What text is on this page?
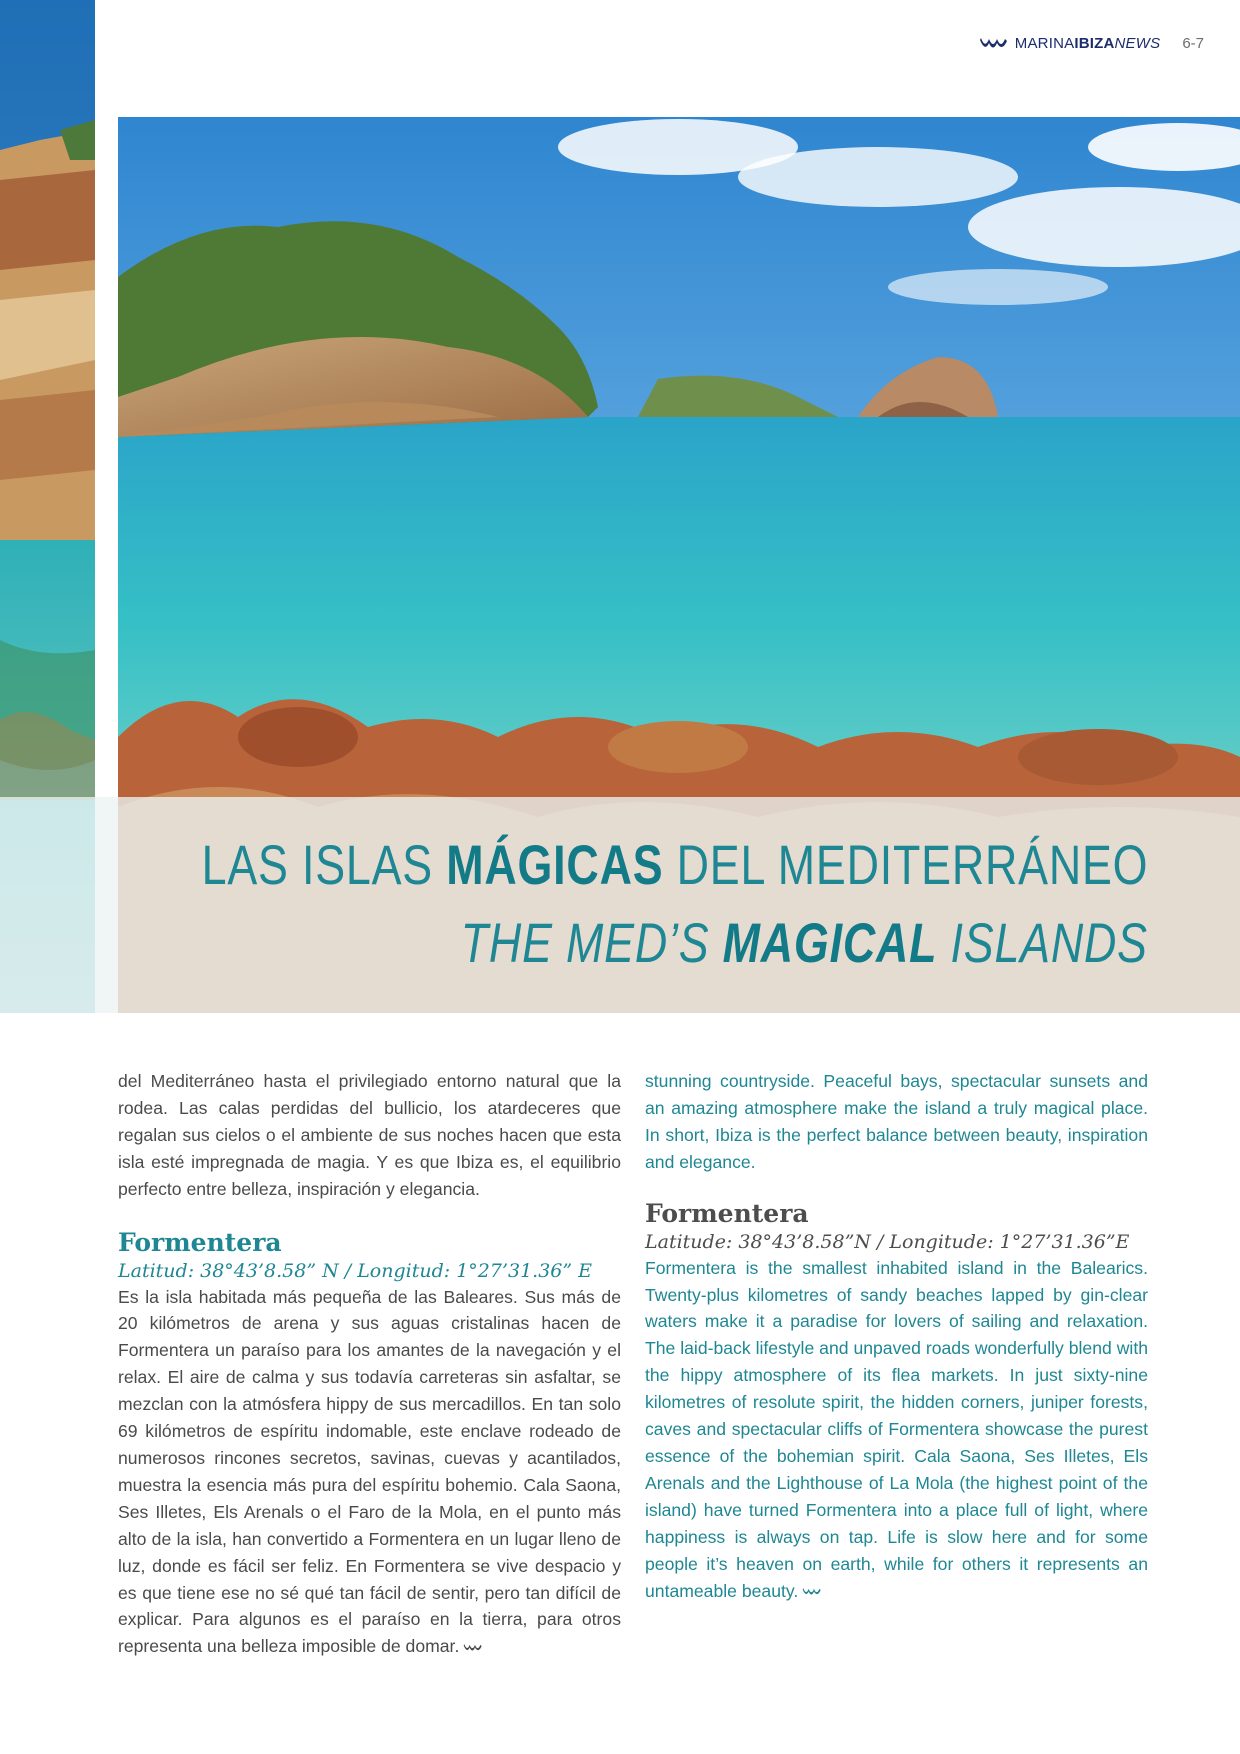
MARINAIBIZANEWS 6-7
LAS ISLAS MÁGICAS DEL MEDITERRÁNEO
THE MED’S MAGICAL ISLANDS

del Mediterráneo hasta el privilegiado entorno natural que la rodea. Las calas perdidas del bullicio, los atardeceres que regalan sus cielos o el ambiente de sus noches hacen que esta isla esté impregnada de magia. Y es que Ibiza es, el equilibrio perfecto entre belleza, inspiración y elegancia.

Formentera
Latitud: 38°43’8.58” N / Longitud: 1°27’31.36” E

Es la isla habitada más pequeña de las Baleares. Sus más de 20 kilómetros de arena y sus aguas cristalinas hacen de Formentera un paraíso para los amantes de la navegación y el relax. El aire de calma y sus todavía carreteras sin asfaltar, se mezclan con la atmósfera hippy de sus mercadillos. En tan solo 69 kilómetros de espíritu indomable, este enclave rodeado de numerosos rincones secretos, savinas, cuevas y acantilados, muestra la esencia más pura del espíritu bohemio. Cala Saona, Ses Illetes, Els Arenals o el Faro de la Mola, en el punto más alto de la isla, han convertido a Formentera en un lugar lleno de luz, donde es fácil ser feliz. En Formentera se vive despacio y es que tiene ese no sé qué tan fácil de sentir, pero tan difícil de explicar. Para algunos es el paraíso en la tierra, para otros representa una belleza imposible de domar.

stunning countryside. Peaceful bays, spectacular sunsets and an amazing atmosphere make the island a truly magical place. In short, Ibiza is the perfect balance between beauty, inspiration and elegance.

Formentera
Latitude: 38°43’8.58”N / Longitude: 1°27’31.36”E

Formentera is the smallest inhabited island in the Balearics. Twenty-plus kilometres of sandy beaches lapped by gin-clear waters make it a paradise for lovers of sailing and relaxation. The laid-back lifestyle and unpaved roads wonderfully blend with the hippy atmosphere of its flea markets. In just sixty-nine kilometres of resolute spirit, the hidden corners, juniper forests, caves and spectacular cliffs of Formentera showcase the purest essence of the bohemian spirit. Cala Saona, Ses Illetes, Els Arenals and the Lighthouse of La Mola (the highest point of the island) have turned Formentera into a place full of light, where happiness is always on tap. Life is slow here and for some people it’s heaven on earth, while for others it represents an untameable beauty.
